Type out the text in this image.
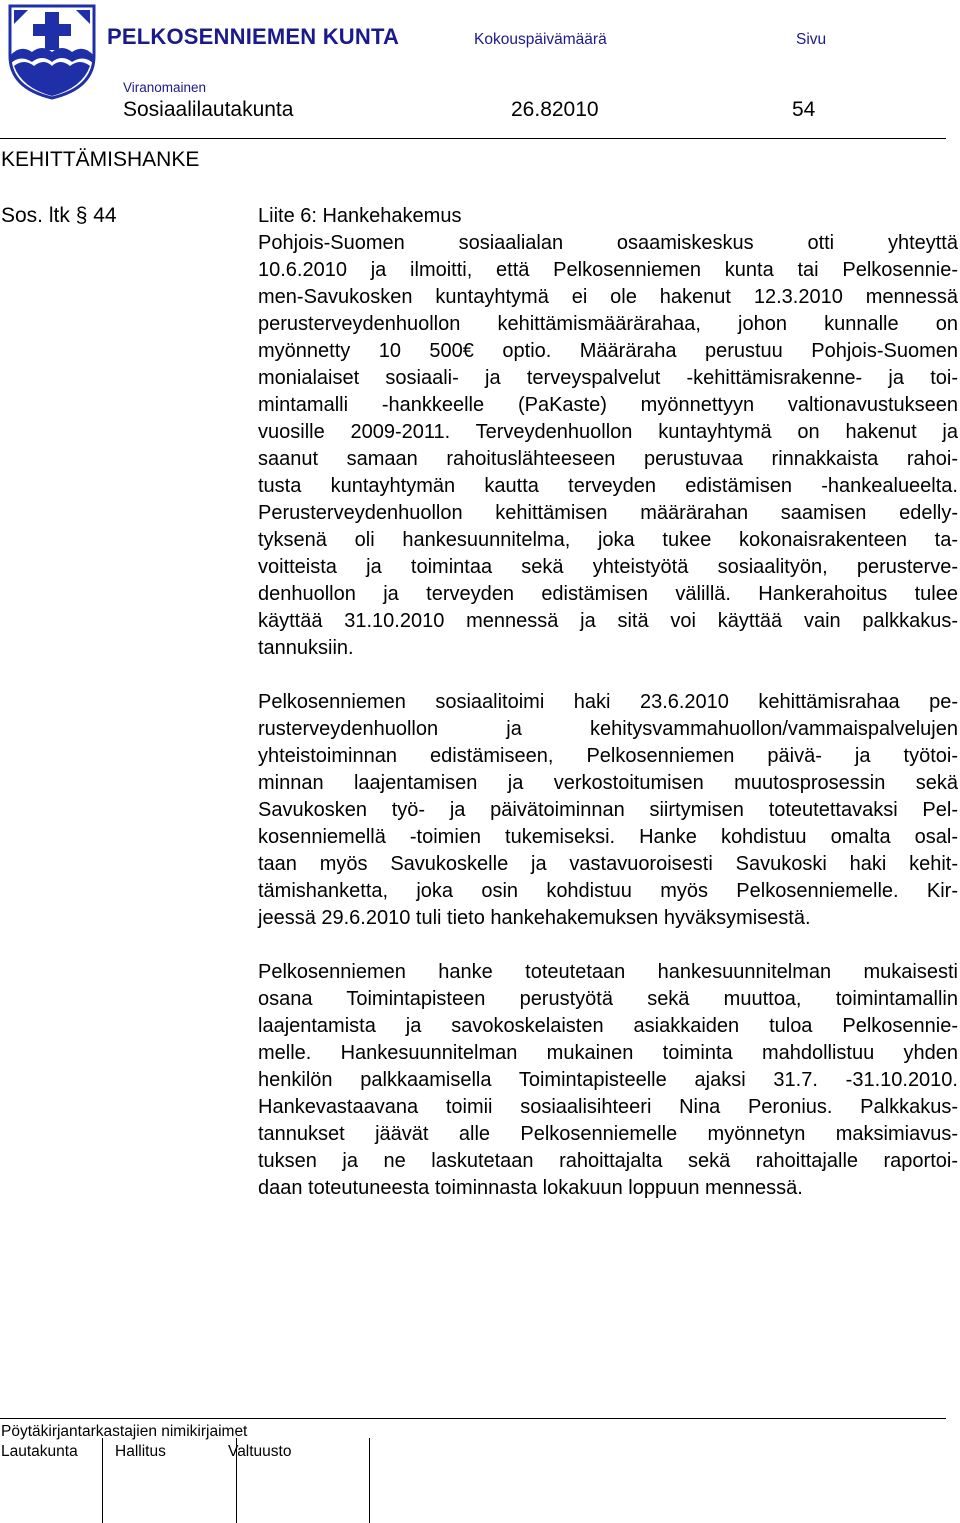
PELKOSENNIEMEN KUNTA	Kokouspäivämäärä	Sivu
Viranomainen
Sosiaalilautakunta	26.82010	54
KEHITTÄMISHANKE
Sos. ltk § 44	Liite 6: Hankehakemus
Pohjois-Suomen sosiaalialan osaamiskeskus otti yhteyttä
10.6.2010 ja ilmoitti, että Pelkosenniemen kunta tai Pelkosennie-
men-Savukosken kuntayhtymä ei ole hakenut 12.3.2010 mennessä
perusterveydenhuollon kehittämismäärärahaa, johon kunnalle on
myönnetty 10 500€ optio. Määräraha perustuu Pohjois-Suomen
monialaiset sosiaali- ja terveyspalvelut -kehittämisrakenne- ja toi-
mintamalli -hankkeelle (PaKaste) myönnettyyn valtionavustukseen
vuosille 2009-2011. Terveydenhuollon kuntayhtymä on hakenut ja
saanut samaan rahoituslähteeseen perustuvaa rinnakkaista rahoi-
tusta kuntayhtymän kautta terveyden edistämisen -hankealueelta.
Perusterveydenhuollon kehittämisen määrärahan saamisen edelly-
tyksenä oli hankesuunnitelma, joka tukee kokonaisrakenteen ta-
voitteista ja toimintaa sekä yhteistyötä sosiaalityön, perusterve-
denhuollon ja terveyden edistämisen välillä. Hankerahoitus tulee
käyttää 31.10.2010 mennessä ja sitä voi käyttää vain palkkakus-
tannuksiin.
Pelkosenniemen sosiaalitoimi haki 23.6.2010 kehittämisrahaa pe-
rusterveydenhuollon ja kehitysvammahuollon/vammaispalvelujen
yhteistoiminnan edistämiseen, Pelkosenniemen päivä- ja työtoi-
minnan laajentamisen ja verkostoitumisen muutosprosessin sekä
Savukosken työ- ja päivätoiminnan siirtymisen toteutettavaksi Pel-
kosenniemellä -toimien tukemiseksi. Hanke kohdistuu omalta osal-
taan myös Savukoskelle ja vastavuoroisesti Savukoski haki kehit-
tämishanketta, joka osin kohdistuu myös Pelkosenniemelle. Kir-
jeessä 29.6.2010 tuli tieto hankehakemuksen hyväksymisestä.
Pelkosenniemen hanke toteutetaan hankesuunnitelman mukaisesti
osana Toimintapisteen perustyötä sekä muuttoa, toimintamallin
laajentamista ja savokoskelaisten asiakkaiden tuloa Pelkosennie-
melle. Hankesuunnitelman mukainen toiminta mahdollistuu yhden
henkilön palkkaamisella Toimintapisteelle ajaksi 31.7. -31.10.2010.
Hankevastaavana toimii sosiaalisihteeri Nina Peronius. Palkkakus-
tannukset jäävät alle Pelkosenniemelle myönnetyn maksimiavus-
tuksen ja ne laskutetaan rahoittajalta sekä rahoittajalle raportoi-
daan toteutuneesta toiminnasta lokakuun loppuun mennessä.
Pöytäkirjantarkastajien nimikirjaimet
Lautakunta Hallitus	Valtuusto
